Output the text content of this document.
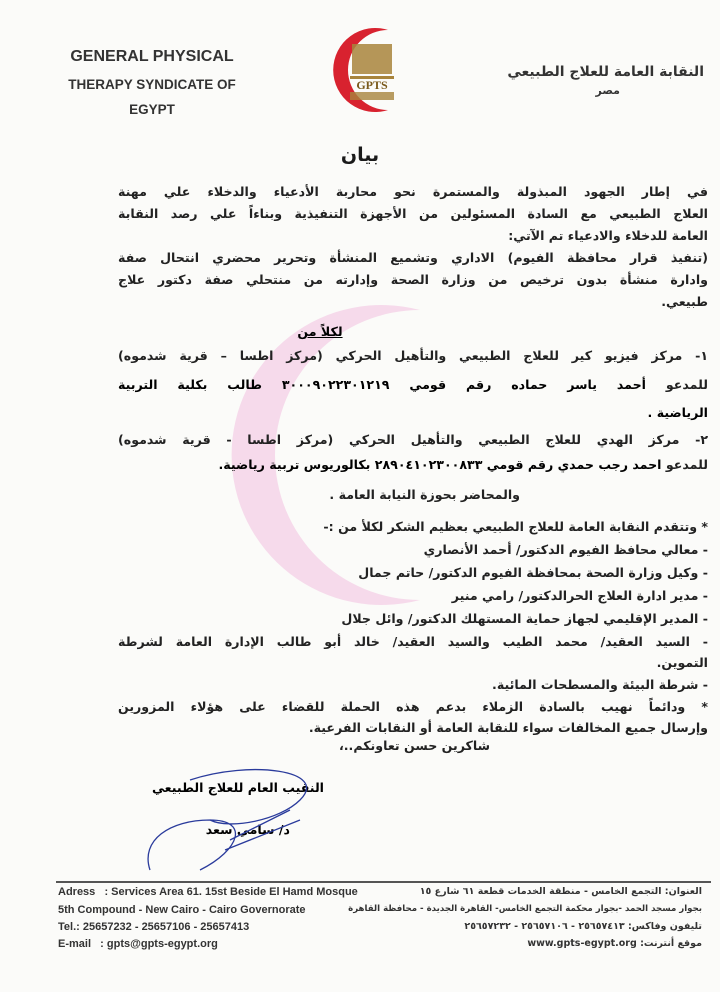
GENERAL PHYSICAL
THERAPY SYNDICATE OF
EGYPT
GPTS
النقابة العامة للعلاج الطبيعي
مصر
بيان
في إطار الجهود المبذولة والمستمرة نحو محاربة الأدعياء والدخلاء علي مهنة
العلاج الطبيعي مع السادة المسئولين من الأجهزة التنفيذية وبناءاً علي رصد النقابة
العامة للدخلاء والادعياء تم الآتي:
(تنفيذ قرار محافظة الفيوم) الاداري وتشميع المنشأة وتحرير محضري انتحال صفة
وادارة منشأة بدون ترخيص من وزارة الصحة وإدارته من منتحلي صفة دكتور علاج
طبيعي.
لكلاً من
١- مركز فيزيو كير للعلاج الطبيعي والتأهيل الحركي (مركز اطسا – قرية شدموه)
للمدعو أحمد ياسر حماده رقم قومي ٣٠٠٠٩٠٢٢٣٠١٢١٩ طالب بكلية التربية
الرياضية .
٢- مركز الهدي للعلاج الطبيعي والتأهيل الحركي (مركز اطسا - قرية شدموه)
للمدعو احمد رجب حمدي رقم قومي ٢٨٩٠٤١٠٢٣٠٠٨٣٣ بكالوريوس تربية رياضية.
والمحاضر بحوزة النيابة العامة .
* وتتقدم النقابة العامة للعلاج الطبيعي بعظيم الشكر لكلأ من :-
- معالي محافظ الفيوم الدكتور/ أحمد الأنصاري
- وكيل وزارة الصحة بمحافظة الفيوم الدكتور/ حاتم جمال
- مدير ادارة العلاج الحرالدكتور/ رامي منير
- المدير الإقليمي لجهاز حماية المستهلك الدكتور/ وائل جلال
- السيد العقيد/ محمد الطيب والسيد العقيد/ خالد أبو طالب الإدارة العامة لشرطة
التموين.
- شرطة البيئة والمسطحات المائية.
* ودائماً نهيب بالسادة الزملاء بدعم هذه الحملة للقضاء على هؤلاء المزورين
وإرسال جميع المخالفات سواء للنقابة العامة أو النقابات الفرعية.
شاكرين حسن تعاونكم..،
النقيب العام للعلاج الطبيعي
د/ سامي سعد
Adress   : Services Area 61. 15st Beside El Hamd Mosque
5th Compound - New Cairo - Cairo Governorate
Tel.: 25657232 - 25657106 - 25657413
E-mail   : gpts@gpts-egypt.org
العنوان: التجمع الخامس - منطقة الخدمات قطعة ٦١ شارع ١٥
بجوار مسجد الحمد -بجوار محكمة التجمع الخامس- القاهرة الجديدة - محافظة القاهرة
تليفون وفاكس: ٢٥٦٥٧٤١٣ - ٢٥٦٥٧١٠٦ - ٢٥٦٥٧٢٣٢
موقع أنترنت: www.gpts-egypt.org
